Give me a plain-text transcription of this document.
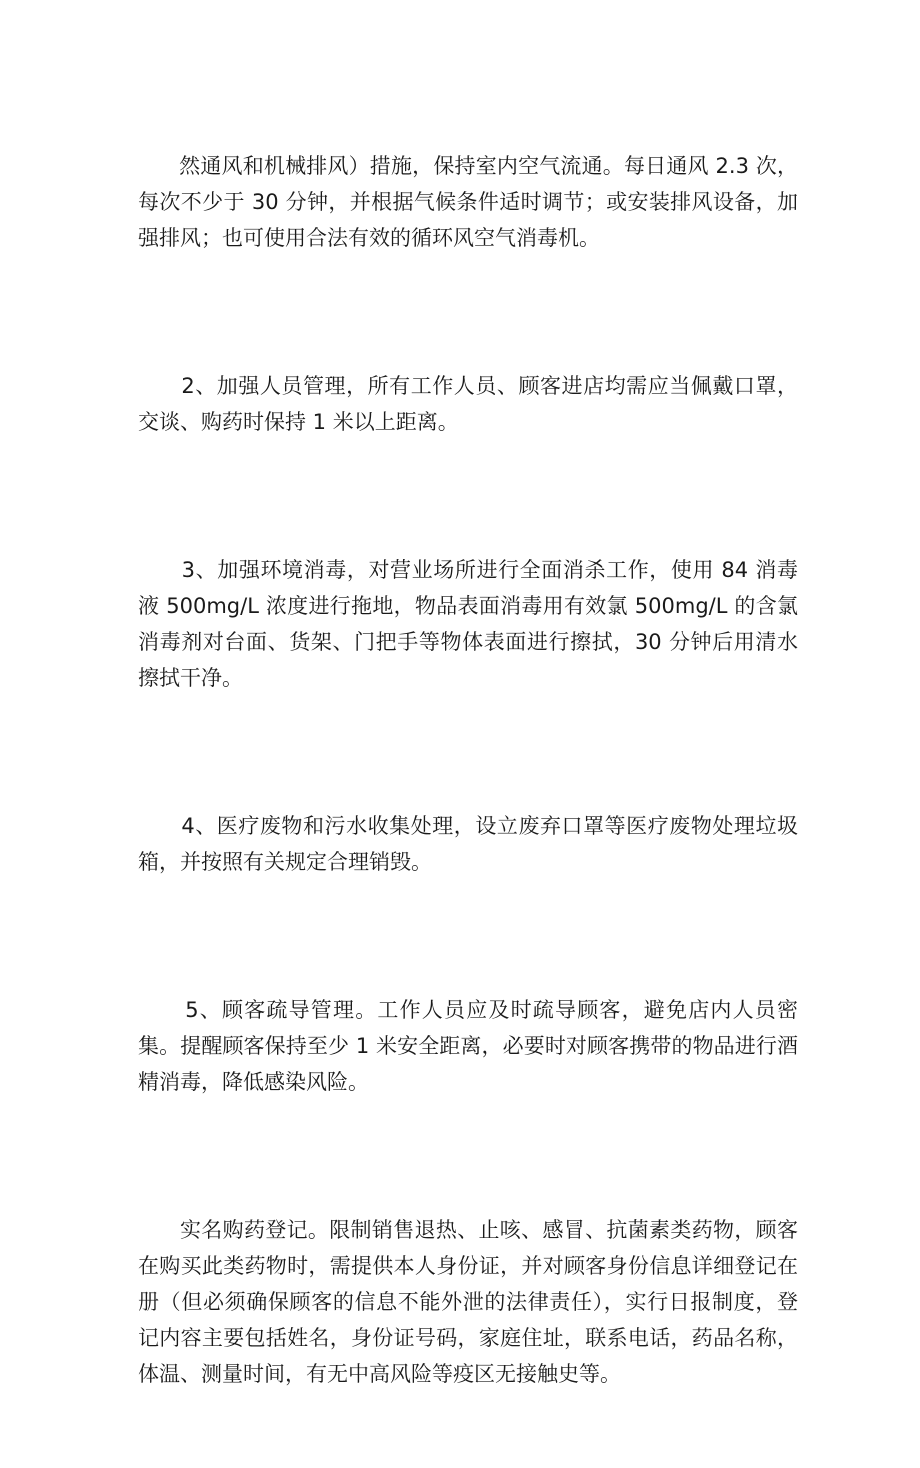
然通风和机械排风）措施，保持室内空气流通。每日通风 2.3 次，每次不少于 30 分钟，并根据气候条件适时调节；或安装排风设备，加强排风；也可使用合法有效的循环风空气消毒机。

2、加强人员管理，所有工作人员、顾客进店均需应当佩戴口罩，交谈、购药时保持 1 米以上距离。

3、加强环境消毒，对营业场所进行全面消杀工作，使用 84 消毒液 500mg/L 浓度进行拖地，物品表面消毒用有效氯 500mg/L 的含氯消毒剂对台面、货架、门把手等物体表面进行擦拭，30 分钟后用清水擦拭干净。

4、医疗废物和污水收集处理，设立废弃口罩等医疗废物处理垃圾箱，并按照有关规定合理销毁。

5、顾客疏导管理。工作人员应及时疏导顾客，避免店内人员密集。提醒顾客保持至少 1 米安全距离，必要时对顾客携带的物品进行酒精消毒，降低感染风险。

实名购药登记。限制销售退热、止咳、感冒、抗菌素类药物，顾客在购买此类药物时，需提供本人身份证，并对顾客身份信息详细登记在册（但必须确保顾客的信息不能外泄的法律责任），实行日报制度，登记内容主要包括姓名，身份证号码，家庭住址，联系电话，药品名称，体温、测量时间，有无中高风险等疫区无接触史等。
